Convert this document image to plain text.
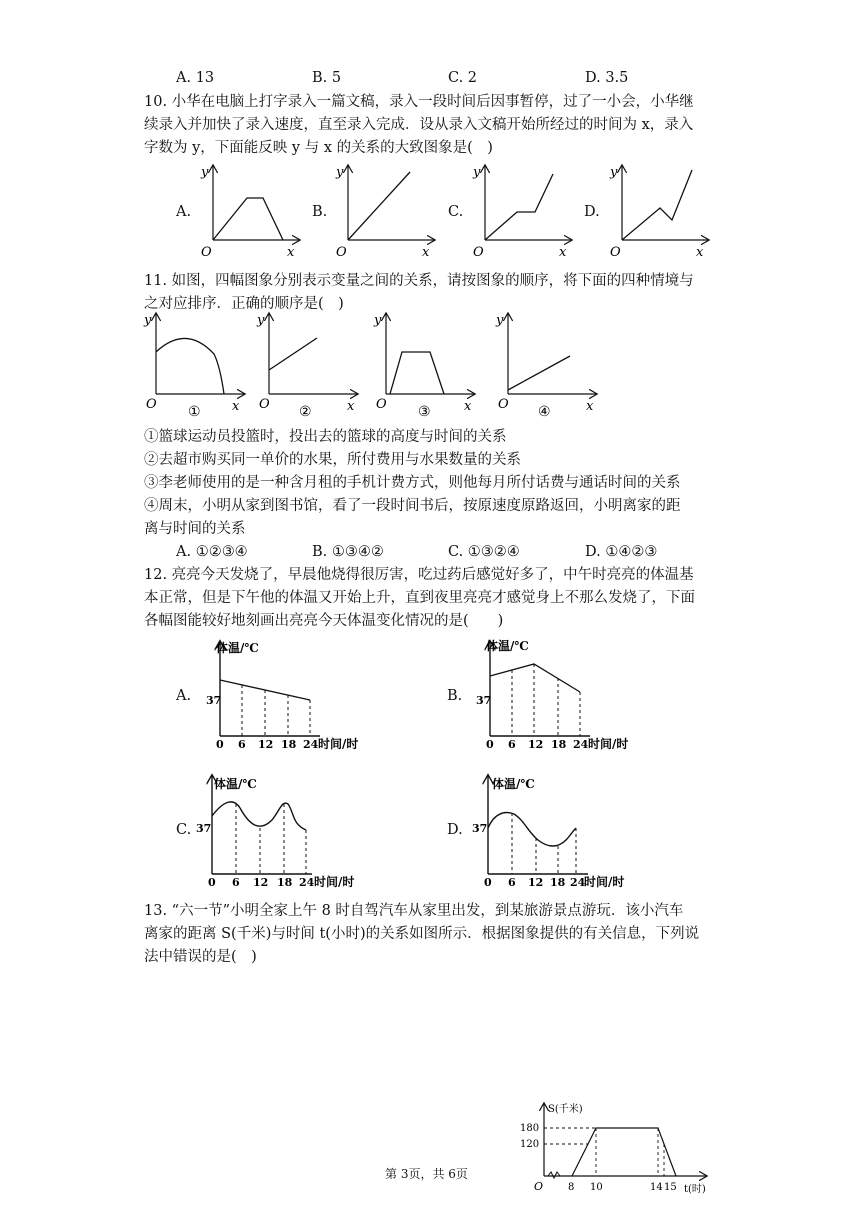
A. 13	B. 5	C. 2	D. 3.5
10. 小华在电脑上打字录入一篇文稿，录入一段时间后因事暂停，过了一小会，小华继
续录入并加快了录入速度，直至录入完成．设从录入文稿开始所经过的时间为 x，录入
字数为 y，下面能反映 y 与 x 的关系的大致图象是(　)
A.	B.	C.	D.
y
O	x
y
O	x
y
O	x
y
O	x
11. 如图，四幅图象分别表示变量之间的关系，请按图象的顺序，将下面的四种情境与
之对应排序．正确的顺序是(　)
y
O	x
①
y
O	x
②
y
O	x
③
y
O	x
④
①篮球运动员投篮时，投出去的篮球的高度与时间的关系
②去超市购买同一单价的水果，所付费用与水果数量的关系
③李老师使用的是一种含月租的手机计费方式，则他每月所付话费与通话时间的关系
④周末，小明从家到图书馆，看了一段时间书后，按原速度原路返回，小明离家的距
离与时间的关系
A. ①②③④	B. ①③④②	C. ①③②④	D. ①④②③
12. 亮亮今天发烧了，早晨他烧得很厉害，吃过药后感觉好多了，中午时亮亮的体温基
本正常，但是下午他的体温又开始上升，直到夜里亮亮才感觉身上不那么发烧了，下面
各幅图能较好地刻画出亮亮今天体温变化情况的是(　　)
A.	B.
C.	D.
体温/℃
37
0 6 12 18 24 时间/时
体温/℃
37
0 6 12 18 24 时间/时
体温/℃
37
0 6 12 18 24 时间/时
体温/℃
37
0 6 12 18 24
时间/时
13. “六一节”小明全家上午 8 时自驾汽车从家里出发，到某旅游景点游玩．该小汽车
离家的距离 S(千米)与时间 t(小时)的关系如图所示．根据图象提供的有关信息，下列说
法中错误的是(　)
S(千米)
180
120
O 8 10	14 15 t(时)
第 3页，共 6页
